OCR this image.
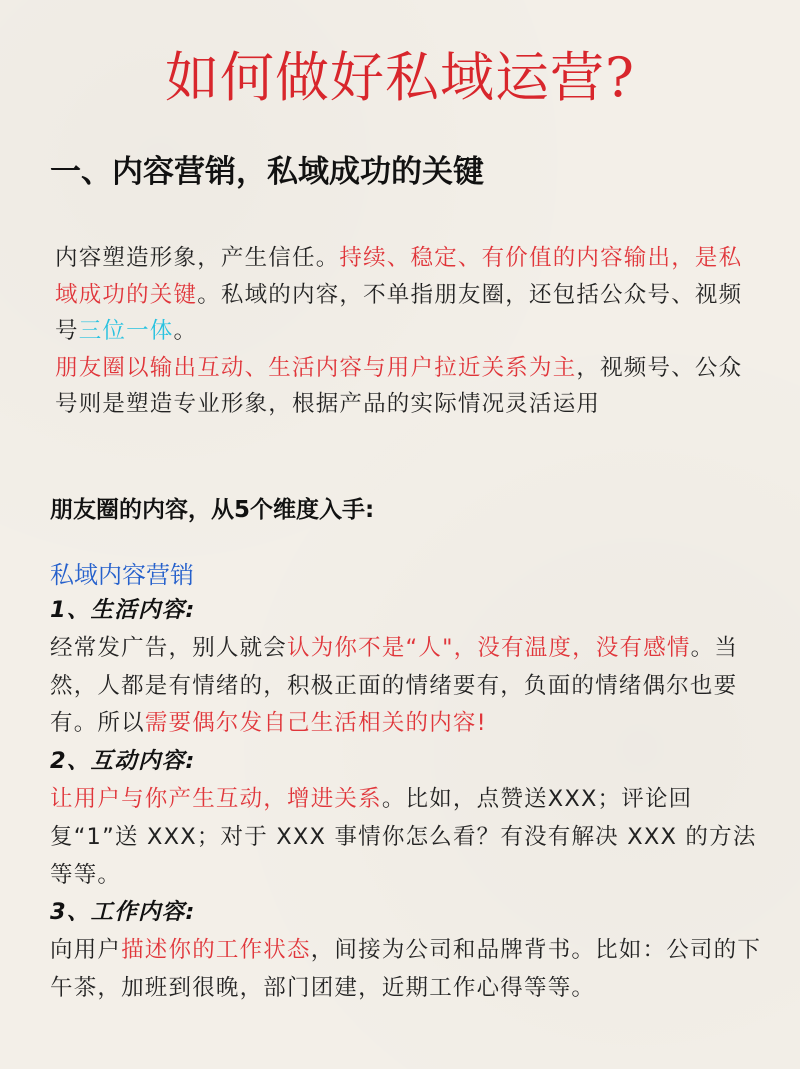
如何做好私域运营?
一、内容营销，私域成功的关键

内容塑造形象，产生信任。持续、稳定、有价值的内容输出，是私域成功的关键。私域的内容，不单指朋友圈，还包括公众号、视频号三位一体。

朋友圈以输出互动、生活内容与用户拉近关系为主，视频号、公众号则是塑造专业形象，根据产品的实际情况灵活运用

朋友圈的内容，从5个维度入手:
私域内容营销

1、生活内容:

经常发广告，别人就会认为你不是“人"，没有温度，没有感情。当然，人都是有情绪的，积极正面的情绪要有，负面的情绪偶尔也要有。所以需要偶尔发自己生活相关的内容!

2、互动内容:

让用户与你产生互动，增进关系。比如，点赞送XXX；评论回复“1”送 XXX；对于 XXX 事情你怎么看？有没有解决 XXX 的方法等等。

3、工作内容:

向用户描述你的工作状态，间接为公司和品牌背书。比如：公司的下午茶，加班到很晚，部门团建，近期工作心得等等。
